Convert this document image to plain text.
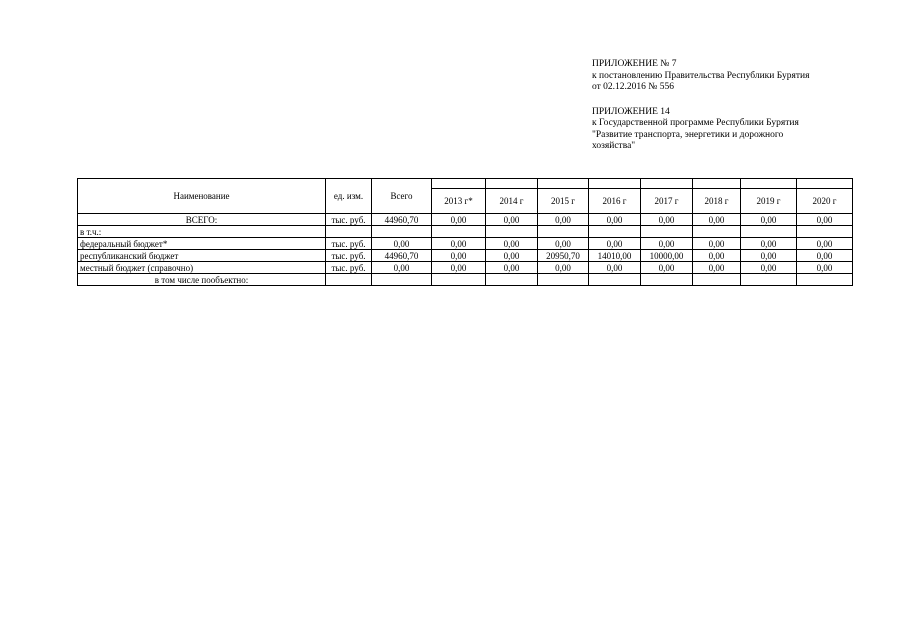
ПРИЛОЖЕНИЕ № 7
к постановлению Правительства Республики Бурятия
от 02.12.2016 № 556
ПРИЛОЖЕНИЕ 14
к Государственной программе Республики Бурятия
"Развитие транспорта, энергетики и дорожного
хозяйства"
Наименование	ед. изм.	Всего								
			2013 г*	2014 г	2015 г	2016 г	2017 г	2018 г	2019 г	2020 г
ВСЕГО:	тыс. руб.	44960,70	0,00	0,00	0,00	0,00	0,00	0,00	0,00	0,00
в т.ч.:										
федеральный бюджет*	тыс. руб.	0,00	0,00	0,00	0,00	0,00	0,00	0,00	0,00	0,00
республиканский бюджет	тыс. руб.	44960,70	0,00	0,00	20950,70	14010,00	10000,00	0,00	0,00	0,00
местный бюджет (справочно)	тыс. руб.	0,00	0,00	0,00	0,00	0,00	0,00	0,00	0,00	0,00
в том числе пообъектно:										
